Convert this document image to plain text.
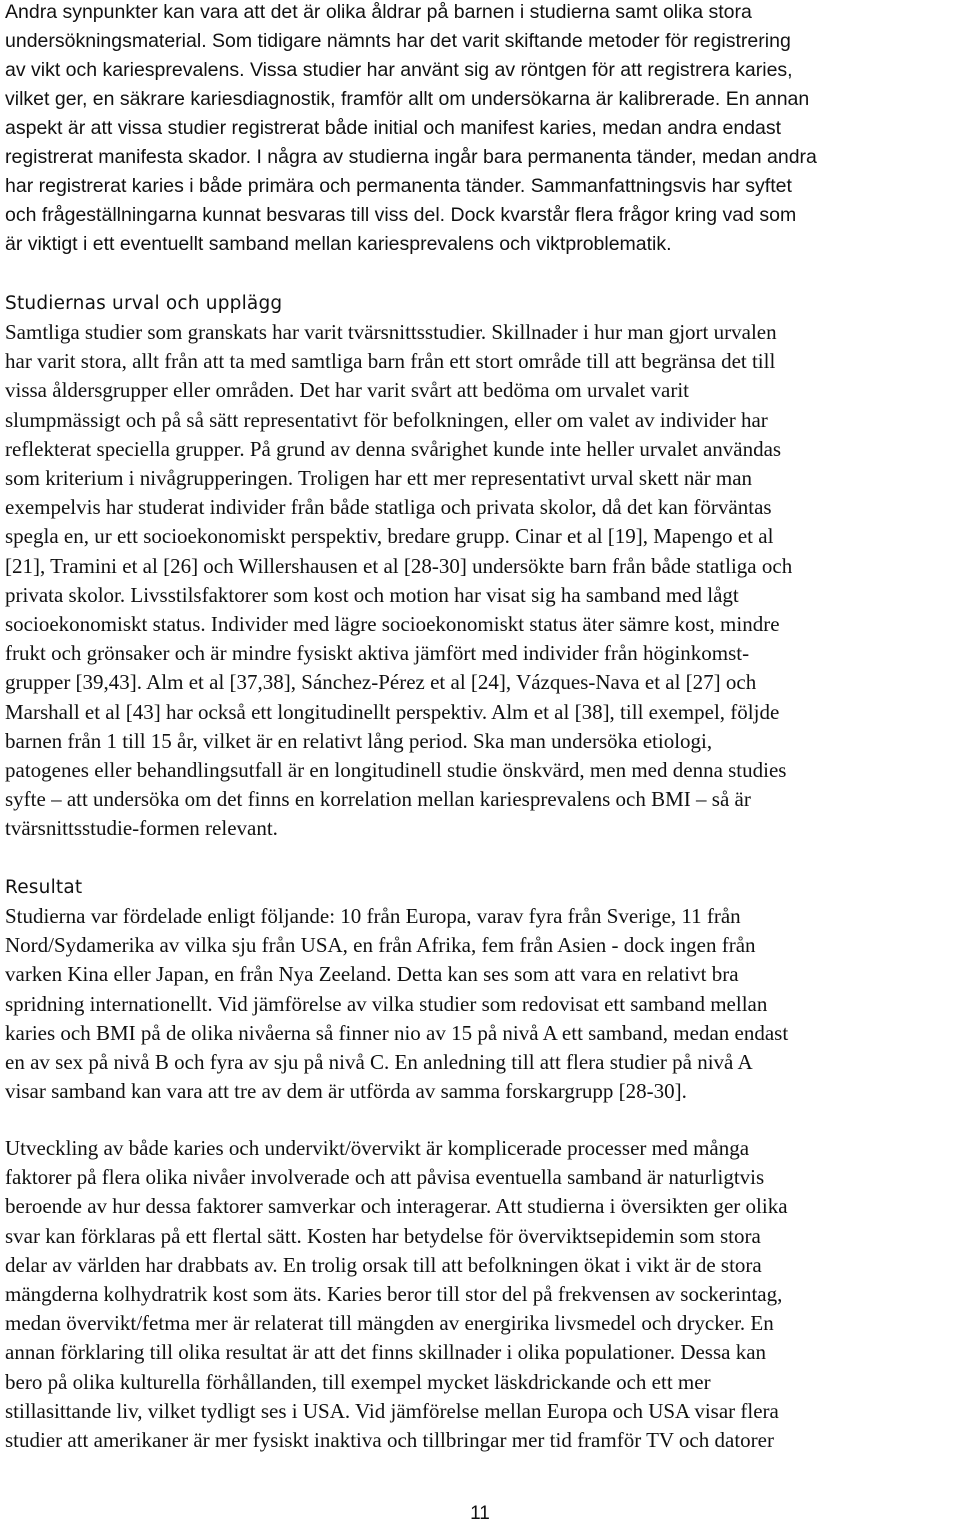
Andra synpunkter kan vara att det är olika åldrar på barnen i studierna samt olika stora
undersökningsmaterial. Som tidigare nämnts har det varit skiftande metoder för registrering
av vikt och kariesprevalens. Vissa studier har använt sig av röntgen för att registrera karies,
vilket ger, en säkrare kariesdiagnostik, framför allt om undersökarna är kalibrerade. En annan
aspekt är att vissa studier registrerat både initial och manifest karies, medan andra endast
registrerat manifesta skador. I några av studierna ingår bara permanenta tänder, medan andra
har registrerat karies i både primära och permanenta tänder. Sammanfattningsvis har syftet
och frågeställningarna kunnat besvaras till viss del. Dock kvarstår flera frågor kring vad som
är viktigt i ett eventuellt samband mellan kariesprevalens och viktproblematik.
Studiernas urval och upplägg
Samtliga studier som granskats har varit tvärsnittsstudier. Skillnader i hur man gjort urvalen
har varit stora, allt från att ta med samtliga barn från ett stort område till att begränsa det till
vissa åldersgrupper eller områden. Det har varit svårt att bedöma om urvalet varit
slumpmässigt och på så sätt representativt för befolkningen, eller om valet av individer har
reflekterat speciella grupper. På grund av denna svårighet kunde inte heller urvalet användas
som kriterium i nivågrupperingen. Troligen har ett mer representativt urval skett när man
exempelvis har studerat individer från både statliga och privata skolor, då det kan förväntas
spegla en, ur ett socioekonomiskt perspektiv, bredare grupp. Cinar et al [19], Mapengo et al
[21], Tramini et al [26] och Willershausen et al [28-30] undersökte barn från både statliga och
privata skolor. Livsstilsfaktorer som kost och motion har visat sig ha samband med lågt
socioekonomiskt status. Individer med lägre socioekonomiskt status äter sämre kost, mindre
frukt och grönsaker och är mindre fysiskt aktiva jämfört med individer från höginkomst-
grupper [39,43]. Alm et al [37,38], Sánchez-Pérez et al [24], Vázques-Nava et al [27] och
Marshall et al [43] har också ett longitudinellt perspektiv. Alm et al [38], till exempel, följde
barnen från 1 till 15 år, vilket är en relativt lång period. Ska man undersöka etiologi,
patogenes eller behandlingsutfall är en longitudinell studie önskvärd, men med denna studies
syfte – att undersöka om det finns en korrelation mellan kariesprevalens och BMI – så är
tvärsnittsstudie-formen relevant.
Resultat
Studierna var fördelade enligt följande: 10 från Europa, varav fyra från Sverige, 11 från
Nord/Sydamerika av vilka sju från USA, en från Afrika, fem från Asien - dock ingen från
varken Kina eller Japan, en från Nya Zeeland. Detta kan ses som att vara en relativt bra
spridning internationellt. Vid jämförelse av vilka studier som redovisat ett samband mellan
karies och BMI på de olika nivåerna så finner nio av 15 på nivå A ett samband, medan endast
en av sex på nivå B och fyra av sju på nivå C. En anledning till att flera studier på nivå A
visar samband kan vara att tre av dem är utförda av samma forskargrupp [28-30].
Utveckling av både karies och undervikt/övervikt är komplicerade processer med många
faktorer på flera olika nivåer involverade och att påvisa eventuella samband är naturligtvis
beroende av hur dessa faktorer samverkar och interagerar. Att studierna i översikten ger olika
svar kan förklaras på ett flertal sätt. Kosten har betydelse för överviktsepidemin som stora
delar av världen har drabbats av. En trolig orsak till att befolkningen ökat i vikt är de stora
mängderna kolhydratrik kost som äts. Karies beror till stor del på frekvensen av sockerintag,
medan övervikt/fetma mer är relaterat till mängden av energirika livsmedel och drycker. En
annan förklaring till olika resultat är att det finns skillnader i olika populationer. Dessa kan
bero på olika kulturella förhållanden, till exempel mycket läskdrickande och ett mer
stillasittande liv, vilket tydligt ses i USA. Vid jämförelse mellan Europa och USA visar flera
studier att amerikaner är mer fysiskt inaktiva och tillbringar mer tid framför TV och datorer
11
